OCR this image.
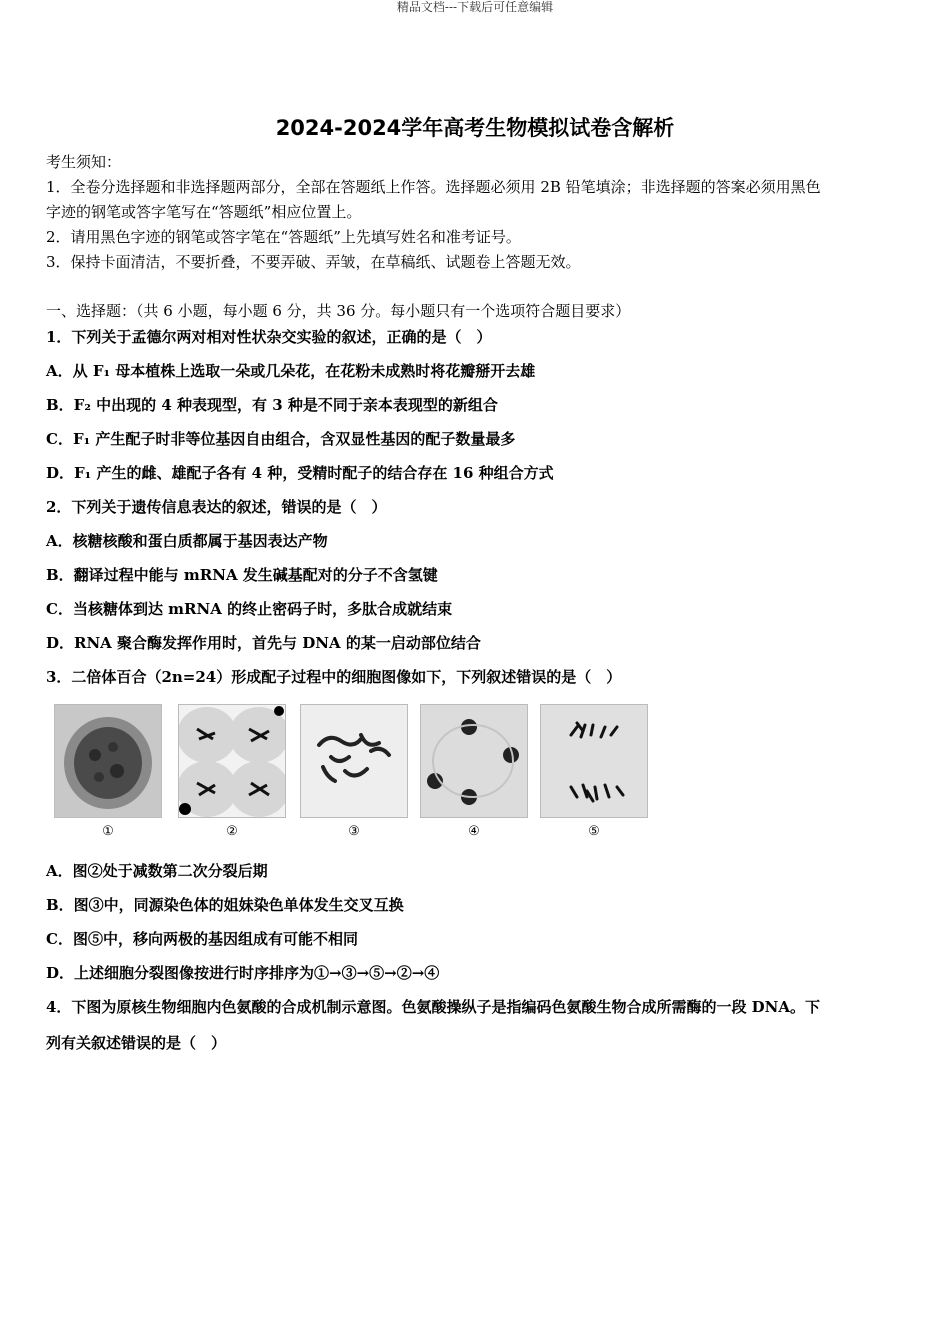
精品文档---下载后可任意编辑
2024-2024学年高考生物模拟试卷含解析
考生须知：
1．全卷分选择题和非选择题两部分，全部在答题纸上作答。选择题必须用 2B 铅笔填涂；非选择题的答案必须用黑色
字迹的钢笔或答字笔写在“答题纸”相应位置上。
2．请用黑色字迹的钢笔或答字笔在“答题纸”上先填写姓名和准考证号。
3．保持卡面清洁，不要折叠，不要弄破、弄皱，在草稿纸、试题卷上答题无效。
一、选择题：（共 6 小题，每小题 6 分，共 36 分。每小题只有一个选项符合题目要求）
1．下列关于孟德尔两对相对性状杂交实验的叙述，正确的是（　）
A．从 F₁ 母本植株上选取一朵或几朵花，在花粉未成熟时将花瓣掰开去雄
B．F₂ 中出现的 4 种表现型，有 3 种是不同于亲本表现型的新组合
C．F₁ 产生配子时非等位基因自由组合，含双显性基因的配子数量最多
D．F₁ 产生的雌、雄配子各有 4 种，受精时配子的结合存在 16 种组合方式
2．下列关于遗传信息表达的叙述，错误的是（　）
A．核糖核酸和蛋白质都属于基因表达产物
B．翻译过程中能与 mRNA 发生碱基配对的分子不含氢键
C．当核糖体到达 mRNA 的终止密码子时，多肽合成就结束
D．RNA 聚合酶发挥作用时，首先与 DNA 的某一启动部位结合
3．二倍体百合（2n=24）形成配子过程中的细胞图像如下，下列叙述错误的是（　）
①	②	③	④	⑤
A．图②处于减数第二次分裂后期
B．图③中，同源染色体的姐妹染色单体发生交叉互换
C．图⑤中，移向两极的基因组成有可能不相同
D．上述细胞分裂图像按进行时序排序为①→③→⑤→②→④
4．下图为原核生物细胞内色氨酸的合成机制示意图。色氨酸操纵子是指编码色氨酸生物合成所需酶的一段 DNA。下
列有关叙述错误的是（　）
